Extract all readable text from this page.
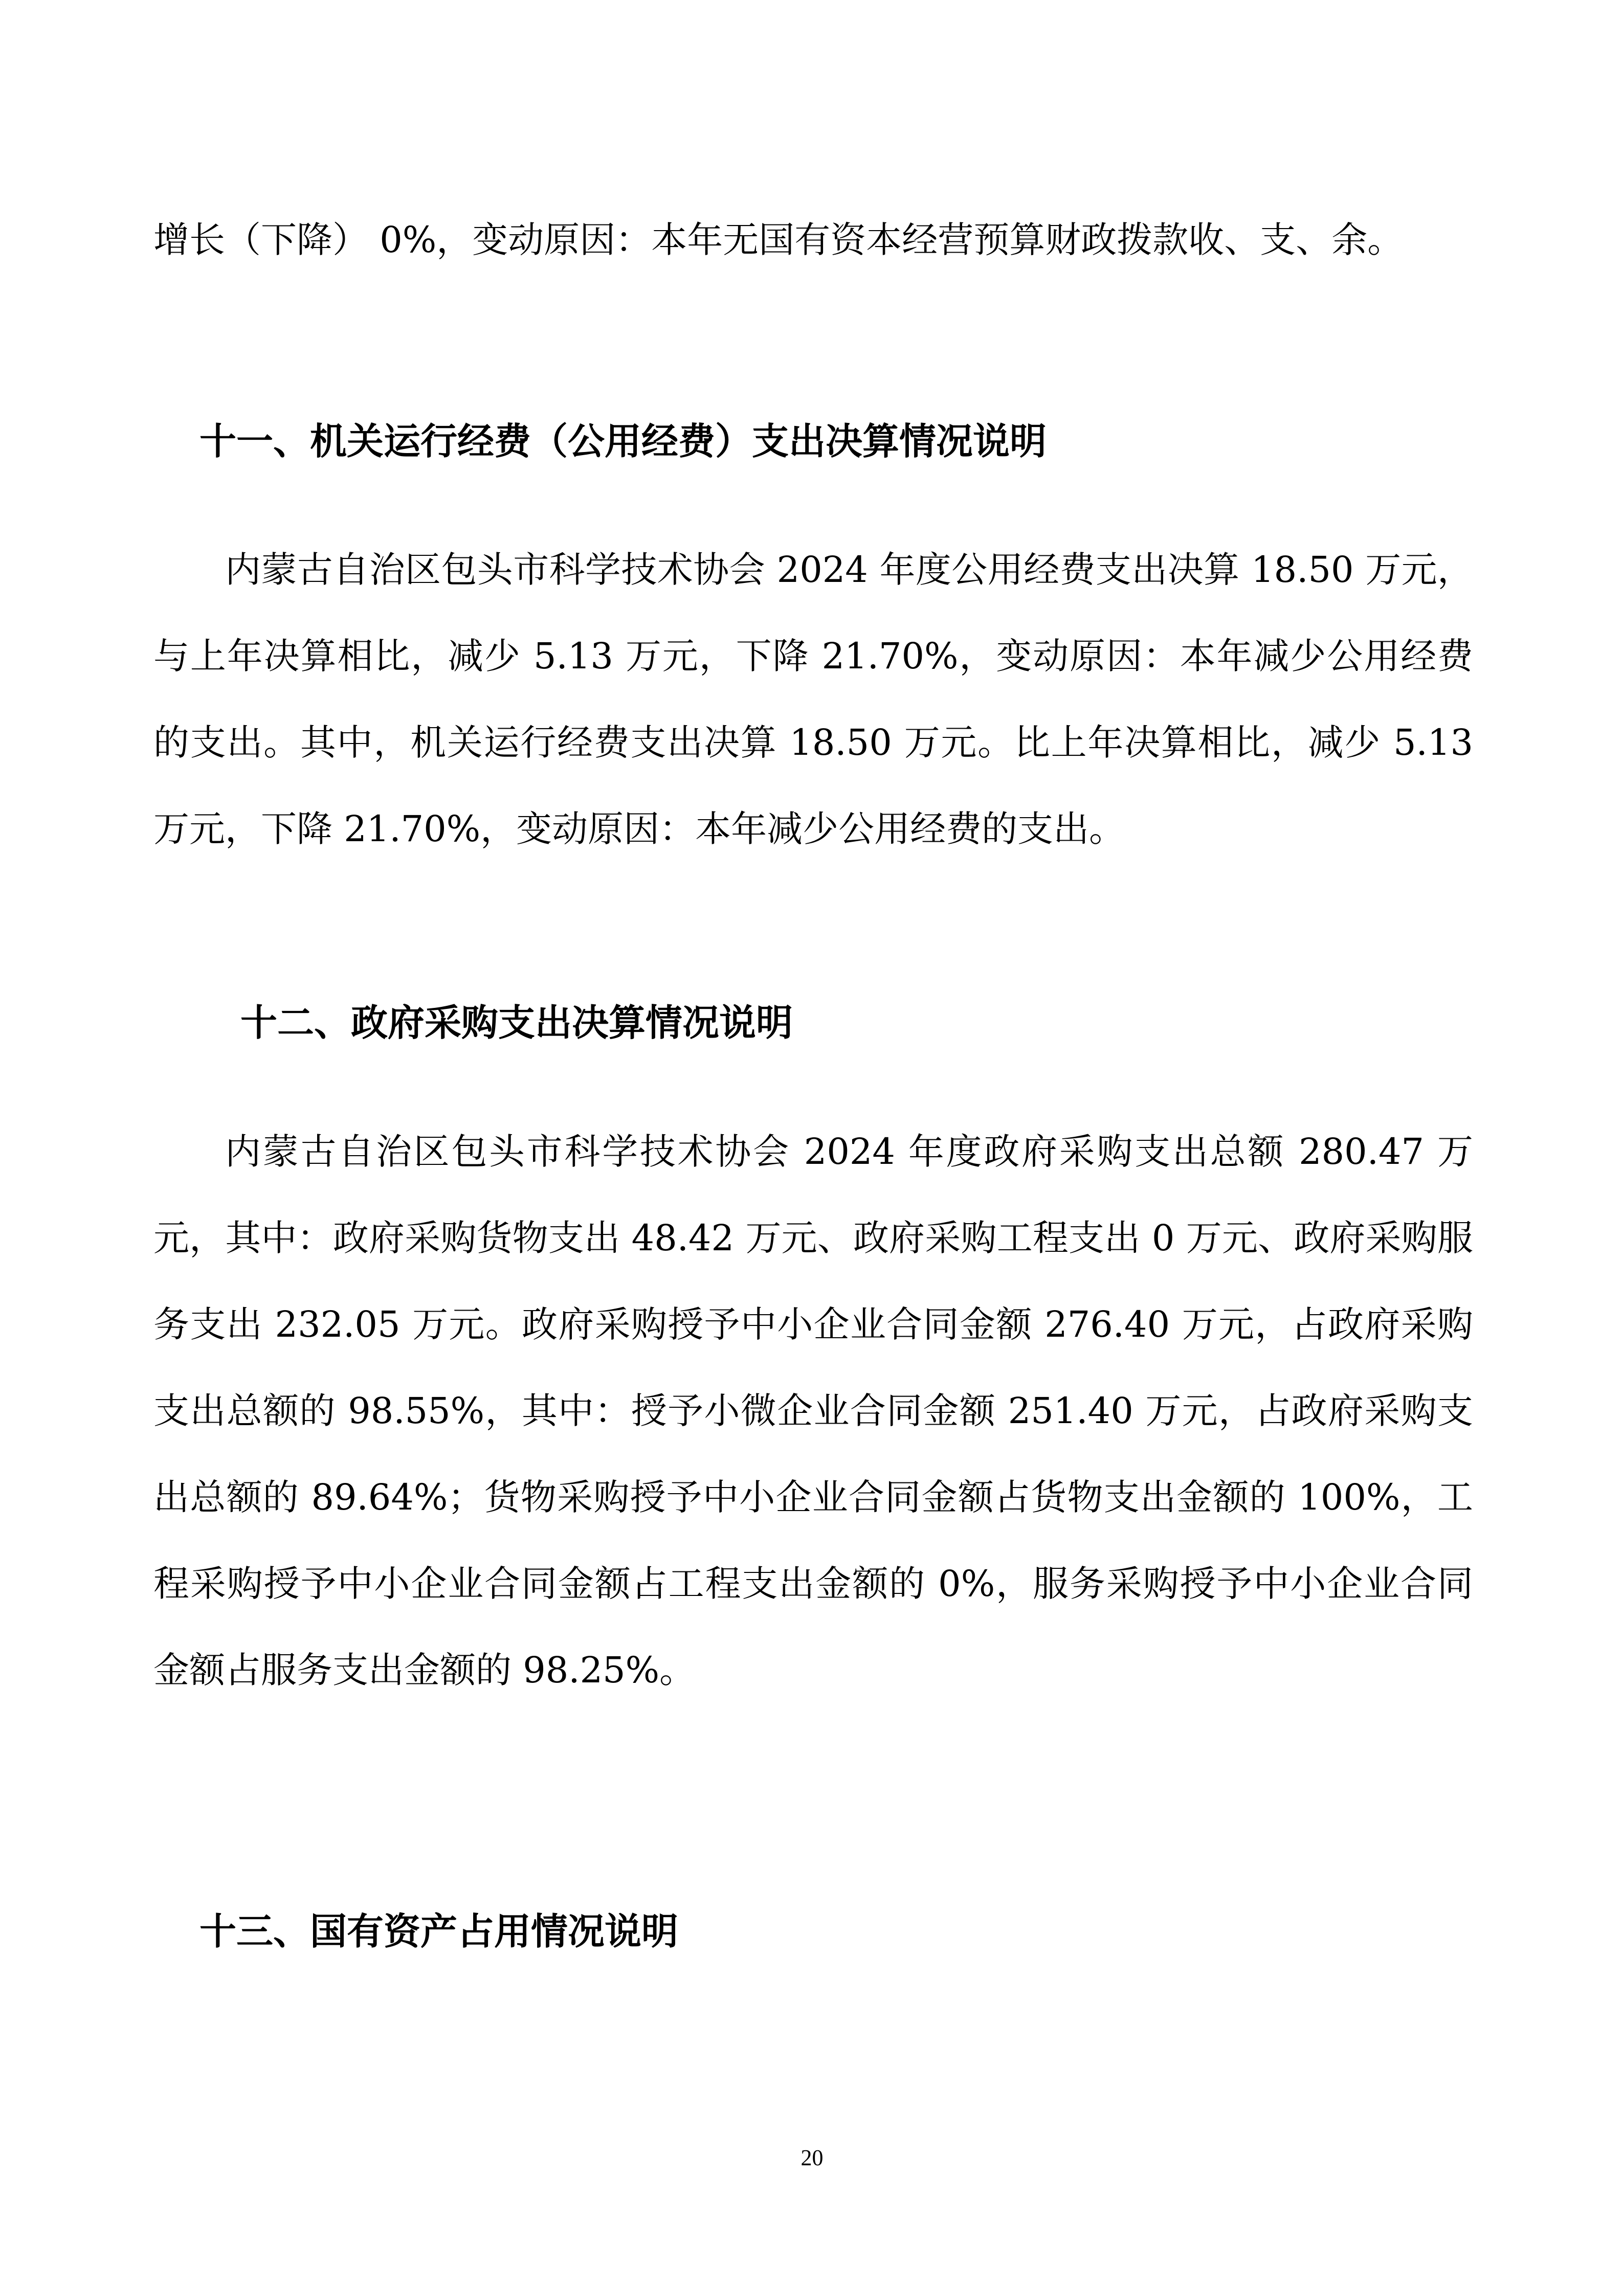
增长（下降） 0%，变动原因：本年无国有资本经营预算财政拨款收、支、余。

十一、机关运行经费（公用经费）支出决算情况说明

内蒙古自治区包头市科学技术协会 2024 年度公用经费支出决算 18.50 万元，与上年决算相比，减少 5.13 万元，下降 21.70%，变动原因：本年减少公用经费的支出。其中，机关运行经费支出决算 18.50 万元。比上年决算相比，减少 5.13 万元，下降 21.70%，变动原因：本年减少公用经费的支出。

十二、政府采购支出决算情况说明

内蒙古自治区包头市科学技术协会 2024 年度政府采购支出总额 280.47 万元，其中：政府采购货物支出 48.42 万元、政府采购工程支出 0 万元、政府采购服务支出 232.05 万元。政府采购授予中小企业合同金额 276.40 万元，占政府采购支出总额的 98.55%，其中：授予小微企业合同金额 251.40 万元，占政府采购支出总额的 89.64%；货物采购授予中小企业合同金额占货物支出金额的 100%，工程采购授予中小企业合同金额占工程支出金额的 0%，服务采购授予中小企业合同金额占服务支出金额的 98.25%。

十三、国有资产占用情况说明
20
